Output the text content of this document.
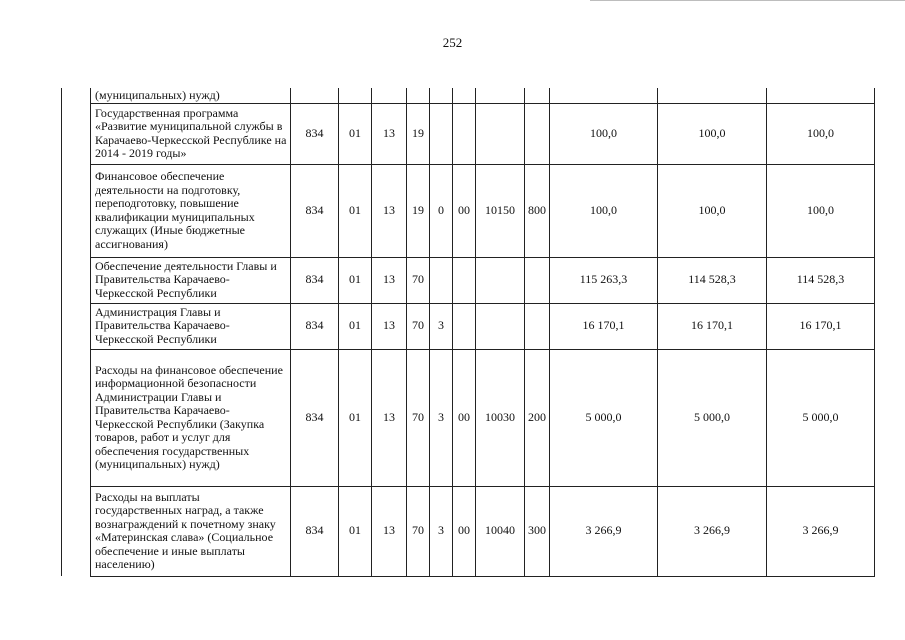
252
	(муниципальных) нужд)											
	Государственная программа «Развитие муниципальной службы в Карачаево-Черкесской Республике на 2014 - 2019 годы»	834	01	13	19					100,0	100,0	100,0
	Финансовое обеспечение деятельности на подготовку, переподготовку, повышение квалификации муниципальных служащих (Иные бюджетные ассигнования)	834	01	13	19	0	00	10150	800	100,0	100,0	100,0
	Обеспечение деятельности Главы и Правительства Карачаево-Черкесской Республики	834	01	13	70					115 263,3	114 528,3	114 528,3
	Администрация Главы и Правительства Карачаево-Черкесской Республики	834	01	13	70	3				16 170,1	16 170,1	16 170,1
	Расходы на финансовое обеспечение информационной безопасности Администрации Главы и Правительства Карачаево-Черкесской Республики (Закупка товаров, работ и услуг для обеспечения государственных (муниципальных) нужд)	834	01	13	70	3	00	10030	200	5 000,0	5 000,0	5 000,0
	Расходы на выплаты государственных наград, а также вознаграждений к почетному знаку «Материнская слава» (Социальное обеспечение и иные выплаты населению)	834	01	13	70	3	00	10040	300	3 266,9	3 266,9	3 266,9
